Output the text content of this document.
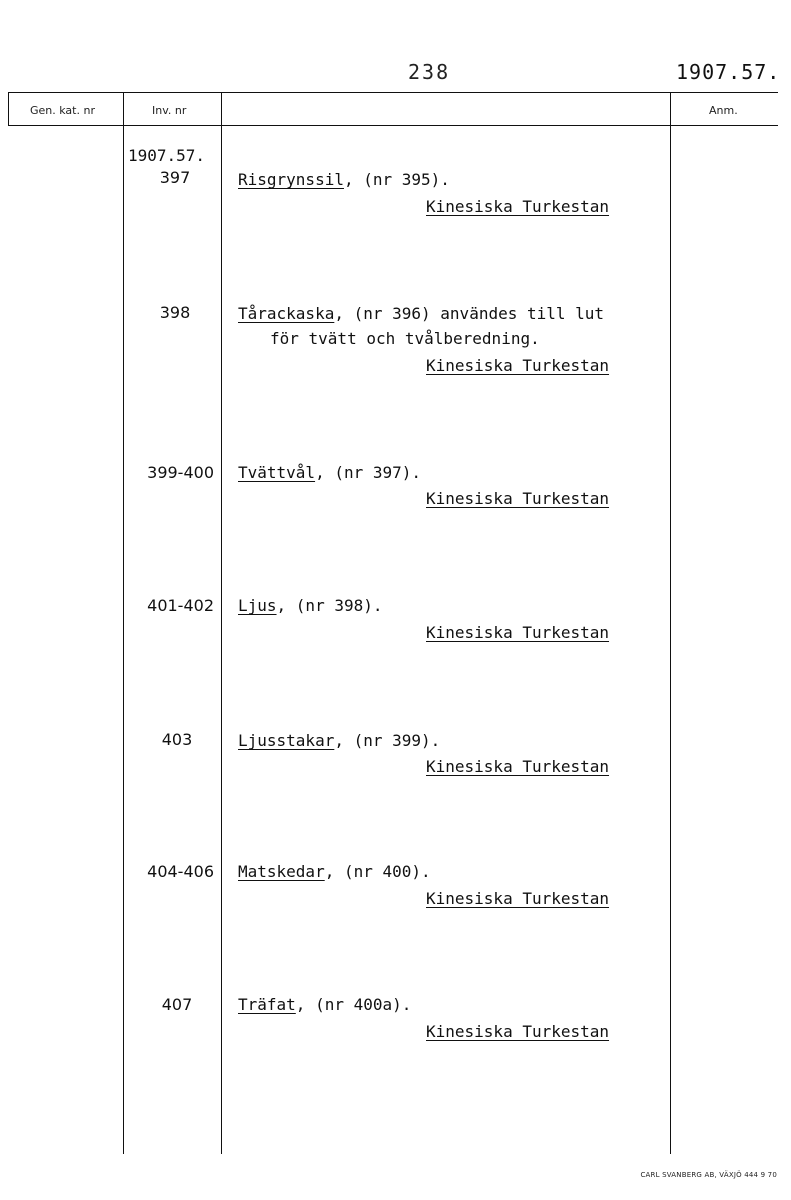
238	1907.57.
Gen. kat. nr	Inv. nr	Anm.
1907.57.
397	Risgrynssil, (nr 395).
Kinesiska Turkestan
398	Tårackaska, (nr 396) användes till lut
för tvätt och tvålberedning.
Kinesiska Turkestan
399-400 Tvättvål, (nr 397).
Kinesiska Turkestan
401-402 Ljus, (nr 398).
Kinesiska Turkestan
403	Ljusstakar, (nr 399).
Kinesiska Turkestan
404-406 Matskedar, (nr 400).
Kinesiska Turkestan
407	Träfat, (nr 400a).
Kinesiska Turkestan
CARL SVANBERG AB, VÄXJÖ 444 9 70
